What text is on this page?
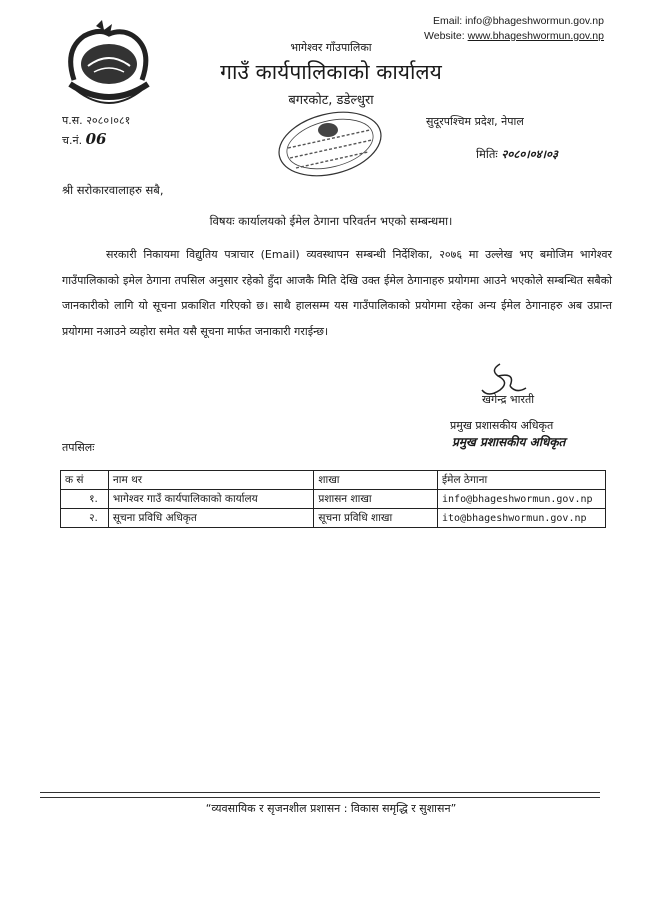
Email: info@bhageshwormun.gov.np
Website: www.bhageshwormun.gov.np
भागेश्वर गाँउपालिका
गाउँ कार्यपालिकाको कार्यालय
बगरकोट, डडेल्धुरा
प.स. २०८०।०८१
च.नं. 06
सुदूरपश्चिम प्रदेश, नेपाल
मितिः २०८०।०४।०३
श्री सरोकारवालाहरु सबै,
विषयः कार्यालयको ईमेल ठेगाना परिवर्तन भएको सम्बन्धमा।

सरकारी निकायमा विद्युतिय पत्राचार (Email) व्यवस्थापन सम्बन्धी निर्देशिका, २०७६ मा उल्लेख भए बमोजिम भागेश्वर गाउँपालिकाको इमेल ठेगाना तपसिल अनुसार रहेको हुँदा आजकै मिति देखि उक्त ईमेल ठेगानाहरु प्रयोगमा आउने भएकोले सम्बन्धित सबैको जानकारीको लागि यो सूचना प्रकाशित गरिएको छ। साथै हालसम्म यस गाउँपालिकाको प्रयोगमा रहेका अन्य ईमेल ठेगानाहरु अब उप्रान्त प्रयोगमा नआउने व्यहोरा समेत यसै सूचना मार्फत जनाकारी गराईन्छ।

खगेन्द्र भारती
प्रमुख प्रशासकीय अधिकृत
प्रमुख प्रशासकीय अधिकृत
तपसिलः
क सं	नाम थर	शाखा	ईमेल ठेगाना
१.	भागेश्वर गाउँ कार्यपालिकाको कार्यालय	प्रशासन शाखा	info@bhageshwormun.gov.np
२.	सूचना प्रविधि अधिकृत	सूचना प्रविधि शाखा	ito@bhageshwormun.gov.np
“व्यवसायिक र सृजनशील प्रशासन : विकास समृद्धि र सुशासन”
